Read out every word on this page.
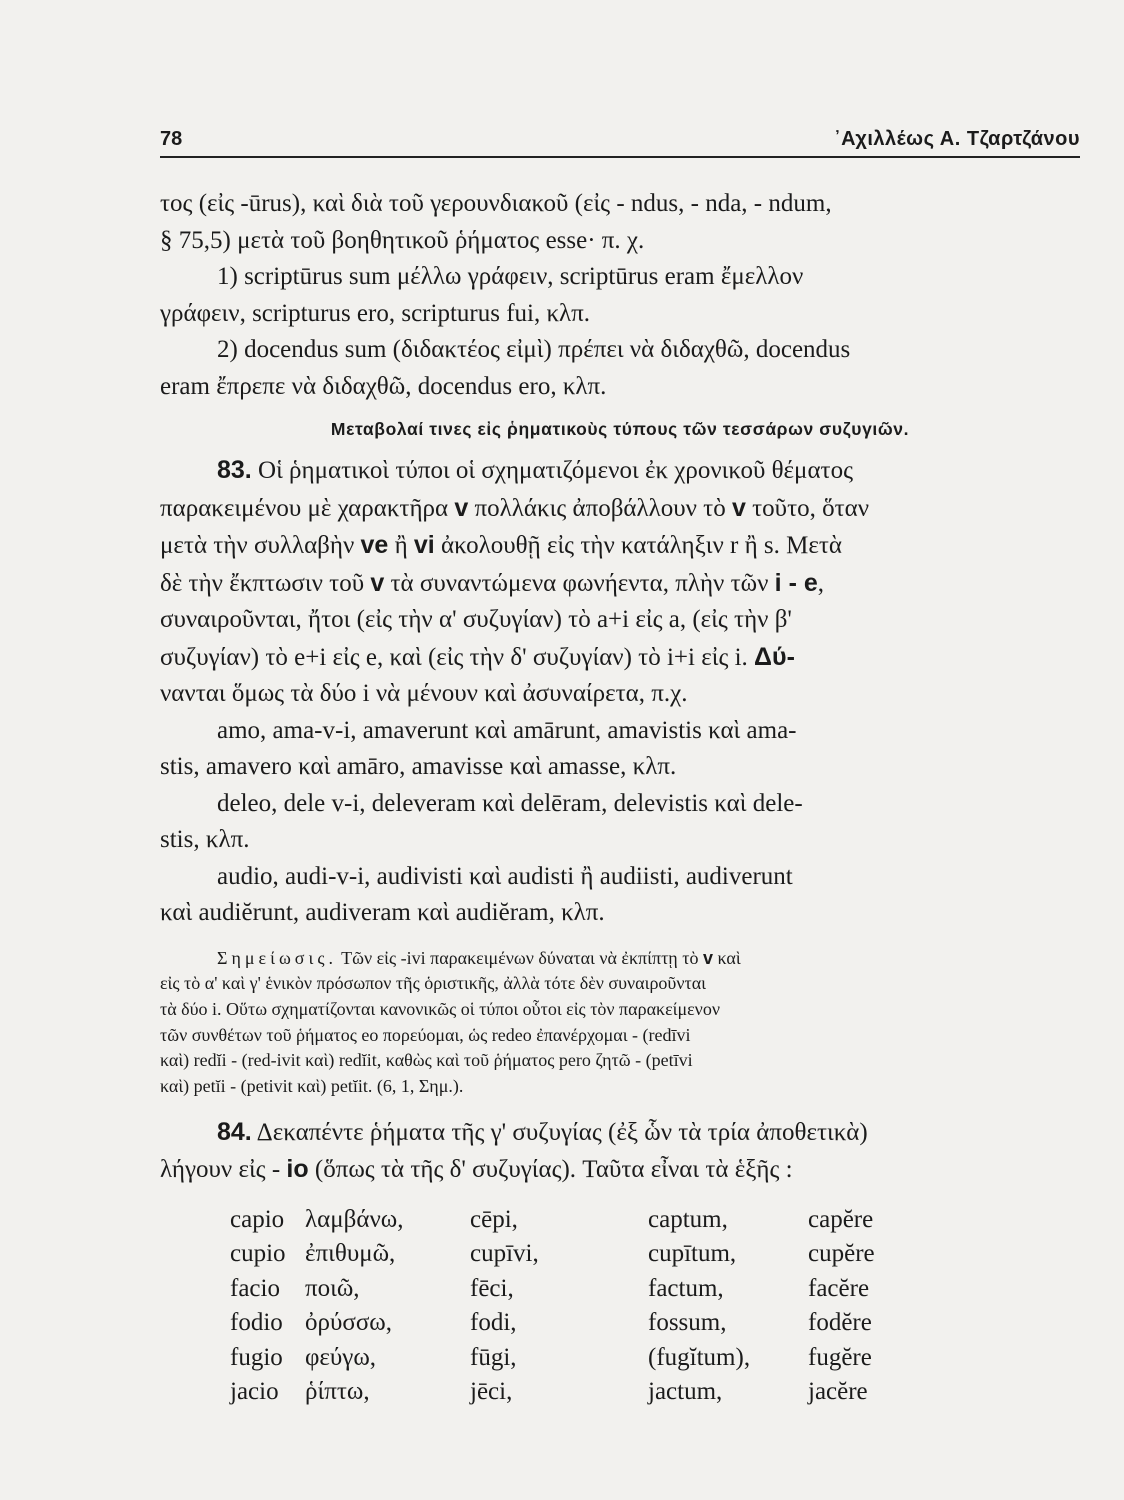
78	᾿Αχιλλέως Α. Τζαρτζάνου

τος (εἰς -ūrus), καὶ διὰ τοῦ γερουνδιακοῦ (εἰς - ndus, - nda, - ndum,
§ 75,5) μετὰ τοῦ βοηθητικοῦ ῥήματος esse· π. χ.

1) scriptūrus sum μέλλω γράφειν, scriptūrus eram ἔμελλον
γράφειν, scripturus ero, scripturus fui, κλπ.

2) docendus sum (διδακτέος εἰμὶ) πρέπει νὰ διδαχθῶ, docendus
eram ἔπρεπε νὰ διδαχθῶ, docendus ero, κλπ.

Μεταβολαί τινες εἰς ῥηματικοὺς τύπους τῶν τεσσάρων συζυγιῶν.

83. Οἱ ῥηματικοὶ τύποι οἱ σχηματιζόμενοι ἐκ χρονικοῦ θέματος
παρακειμένου μὲ χαρακτῆρα v πολλάκις ἀποβάλλουν τὸ v τοῦτο, ὅταν
μετὰ τὴν συλλαβὴν ve ἢ vi ἀκολουθῇ εἰς τὴν κατάληξιν r ἢ s. Μετὰ
δὲ τὴν ἔκπτωσιν τοῦ v τὰ συναντώμενα φωνήεντα, πλὴν τῶν i - e,
συναιροῦνται, ἤτοι (εἰς τὴν α' συζυγίαν) τὸ a+i εἰς a, (εἰς τὴν β'
συζυγίαν) τὸ e+i εἰς e, καὶ (εἰς τὴν δ' συζυγίαν) τὸ i+i εἰς i. Δύ-
νανται ὅμως τὰ δύο i νὰ μένουν καὶ ἀσυναίρετα, π.χ.

amo, ama-v-i, amaverunt καὶ amārunt, amavistis καὶ ama-
stis, amavero καὶ amāro, amavisse καὶ amasse, κλπ.

deleo, dele v-i, deleveram καὶ delēram, delevistis καὶ dele-
stis, κλπ.

audio, audi-v-i, audivisti καὶ audisti ἢ audiisti, audiverunt
καὶ audiĕrunt, audiveram καὶ audiĕram, κλπ.

Σημείωσις. Τῶν εἰς -ivi παρακειμένων δύναται νὰ ἐκπίπτῃ τὸ v καὶ
εἰς τὸ α' καὶ γ' ἑνικὸν πρόσωπον τῆς ὁριστικῆς, ἀλλὰ τότε δὲν συναιροῦνται
τὰ δύο i. Οὕτω σχηματίζονται κανονικῶς οἱ τύποι οὗτοι εἰς τὸν παρακείμενον
τῶν συνθέτων τοῦ ῥήματος eo πορεύομαι, ὡς redeo ἐπανέρχομαι - (redīvi
καὶ) redĭi - (red-ivit καὶ) redĭit, καθὼς καὶ τοῦ ῥήματος pero ζητῶ - (petīvi
καὶ) petĭi - (petivit καὶ) petĭit. (6, 1, Σημ.).

84. Δεκαπέντε ῥήματα τῆς γ' συζυγίας (ἐξ ὧν τὰ τρία ἀποθετικὰ)
λήγουν εἰς - io (ὅπως τὰ τῆς δ' συζυγίας). Ταῦτα εἶναι τὰ ἑξῆς :

capio	λαμβάνω,	cēpi,	captum,	capĕre
cupio	ἐπιθυμῶ,	cupīvi,	cupītum,	cupĕre
facio	ποιῶ,	fēci,	factum,	facĕre
fodio	ὀρύσσω,	fodi,	fossum,	fodĕre
fugio	φεύγω,	fūgi,	(fugĭtum),	fugĕre
jacio	ῥίπτω,	jēci,	jactum,	jacĕre
